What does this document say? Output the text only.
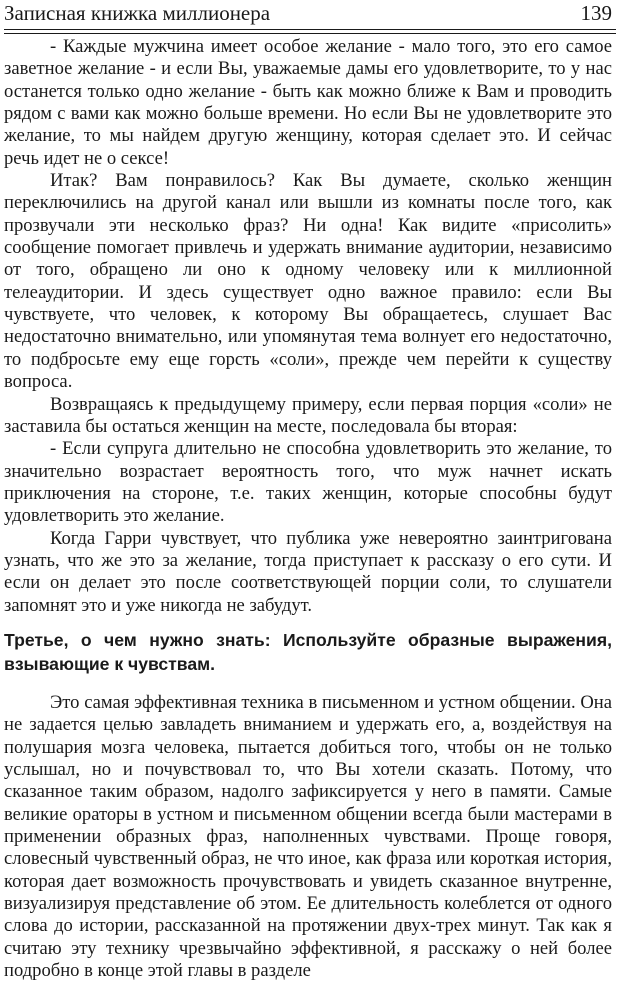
Записная книжка миллионера	139

- Каждые мужчина имеет особое желание - мало того, это его самое заветное желание - и если Вы, уважаемые дамы его удовлетворите, то у нас останется только одно желание - быть как можно ближе к Вам и проводить рядом с вами как можно больше времени. Но если Вы не удовлетворите это желание, то мы найдем другую женщину, которая сделает это. И сейчас речь идет не о сексе!

Итак? Вам понравилось? Как Вы думаете, сколько женщин переключились на другой канал или вышли из комнаты после того, как прозвучали эти несколько фраз? Ни одна! Как видите «присолить» сообщение помогает привлечь и удержать внимание аудитории, независимо от того, обращено ли оно к одному человеку или к миллионной телеаудитории. И здесь существует одно важное правило: если Вы чувствуете, что человек, к которому Вы обращаетесь, слушает Вас недостаточно внимательно, или упомянутая тема волнует его недостаточно, то подбросьте ему еще горсть «соли», прежде чем перейти к существу вопроса.

Возвращаясь к предыдущему примеру, если первая порция «соли» не заставила бы остаться женщин на месте, последовала бы вторая:

- Если супруга длительно не способна удовлетворить это желание, то значительно возрастает вероятность того, что муж начнет искать приключения на стороне, т.е. таких женщин, которые способны будут удовлетворить это желание.

Когда Гарри чувствует, что публика уже невероятно заинтригована узнать, что же это за желание, тогда приступает к рассказу о его сути. И если он делает это после соответствующей порции соли, то слушатели запомнят это и уже никогда не забудут.

Третье, о чем нужно знать: Используйте образные выражения, взывающие к чувствам.

Это самая эффективная техника в письменном и устном общении. Она не задается целью завладеть вниманием и удержать его, а, воздействуя на полушария мозга человека, пытается добиться того, чтобы он не только услышал, но и почувствовал то, что Вы хотели сказать. Потому, что сказанное таким образом, надолго зафиксируется у него в памяти. Самые великие ораторы в устном и письменном общении всегда были мастерами в применении образных фраз, наполненных чувствами. Проще говоря, словесный чувственный образ, не что иное, как фраза или короткая история, которая дает возможность прочувствовать и увидеть сказанное внутренне, визуализируя представление об этом. Ее длительность колеблется от одного слова до истории, рассказанной на протяжении двух-трех минут. Так как я считаю эту технику чрезвычайно эффективной, я расскажу о ней более подробно в конце этой главы в разделе
